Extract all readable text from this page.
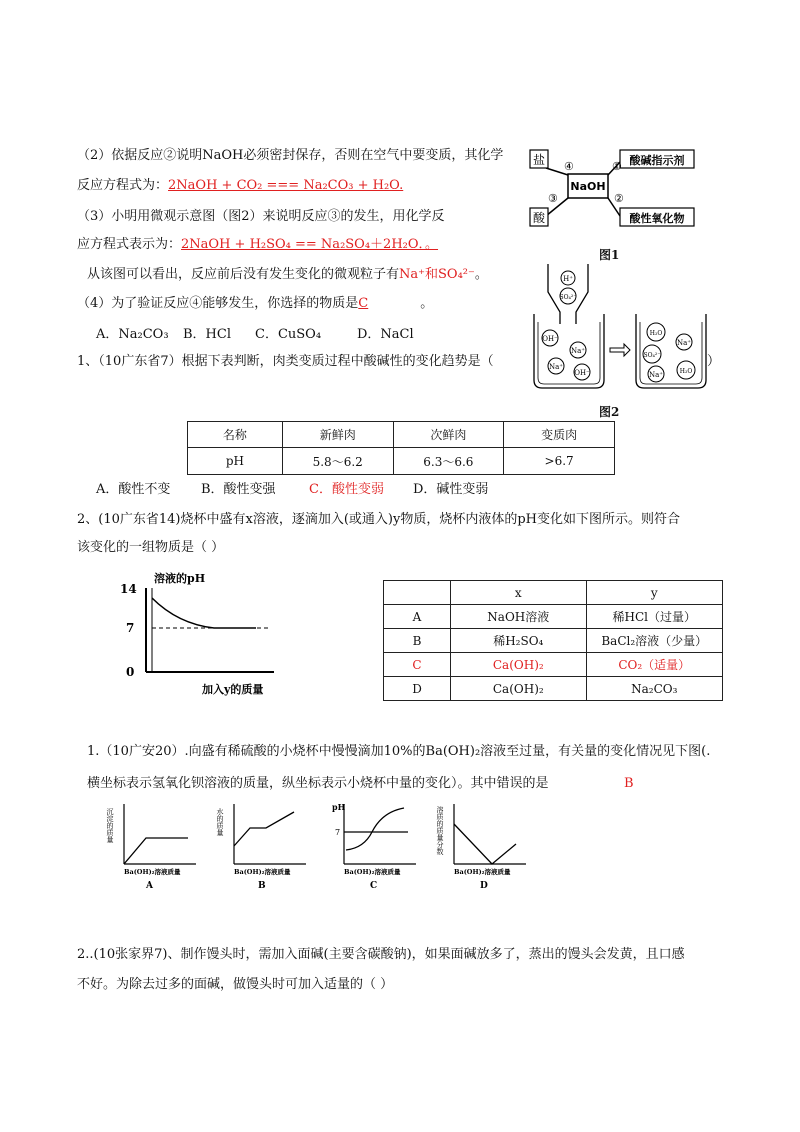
（2）依据反应②说明NaOH必须密封保存，否则在空气中要变质，其化学
反应方程式为：2NaOH + CO₂ === Na₂CO₃ + H₂O.
（3）小明用微观示意图（图2）来说明反应③的发生，用化学反
应方程式表示为：2NaOH + H₂SO₄ == Na₂SO₄＋2H₂O．。
从该图可以看出，反应前后没有发生变化的微观粒子有Na⁺和SO₄²⁻。
（4）为了验证反应④能够发生，你选择的物质是C	。
A．Na₂CO₃ B．HCl C．CuSO₄	D．NaCl
盐
酸
NaOH
酸碱指示剂
酸性氧化物
④	①
③	②
图1
H⁺
SO₄²⁻
OH⁻
Na⁺
Na⁺
OH⁻
H₂O
Na⁺
SO₄²⁻
Na⁺	H₂O
图2
1、（10广东省7）根据下表判断，肉类变质过程中酸碱性的变化趋势是（	）
名称	新鲜肉	次鲜肉	变质肉
pH	5.8～6.2	6.3～6.6	>6.7
A．酸性不变 B．酸性变强	C．酸性变弱 D．碱性变弱
2、(10广东省14)烧杯中盛有x溶液，逐滴加入(或通入)y物质，烧杯内液体的pH变化如下图所示。则符合
该变化的一组物质是（ ）
溶液的pH
14
7
0
加入y的质量
	x	y
A	NaOH溶液	稀HCl（过量）
B	稀H₂SO₄	BaCl₂溶液（少量）
C	Ca(OH)₂	CO₂（适量）
D	Ca(OH)₂	Na₂CO₃
1.（10广安20）.向盛有稀硫酸的小烧杯中慢慢滴加10%的Ba(OH)₂溶液至过量，有关量的变化情况见下图(.
横坐标表示氢氧化钡溶液的质量，纵坐标表示小烧杯中量的变化）。其中错误的是	B
沉淀的质量
Ba(OH)₂溶液质量
A
水的质量
Ba(OH)₂溶液质量
B
pH
7
Ba(OH)₂溶液质量
C
溶质的质量分数
Ba(OH)₂溶液质量
D
2..(10张家界7)、制作馒头时，需加入面碱(主要含碳酸钠)，如果面碱放多了，蒸出的馒头会发黄，且口感
不好。为除去过多的面碱，做馒头时可加入适量的（ ）
